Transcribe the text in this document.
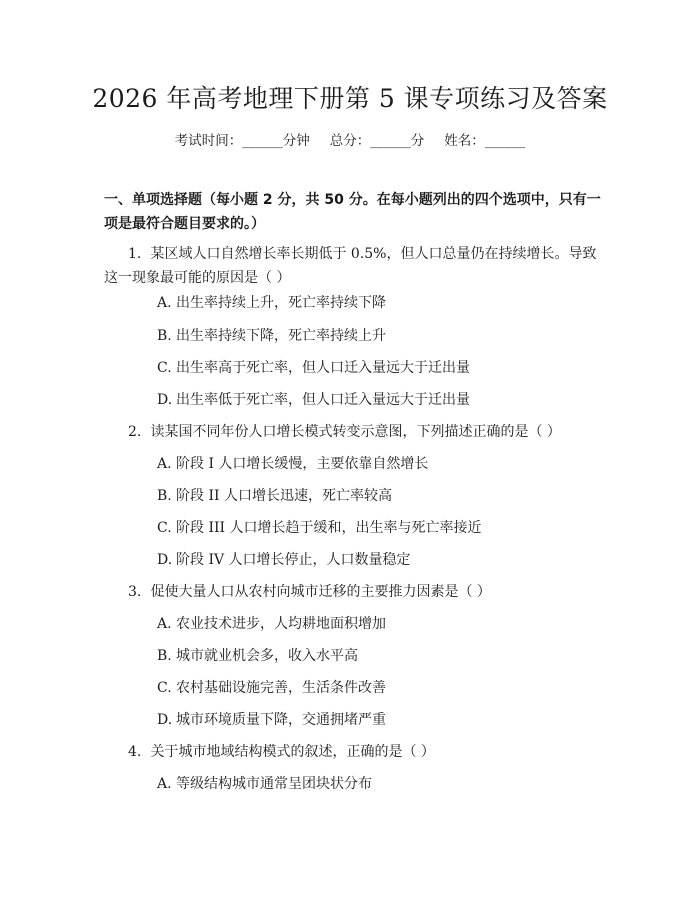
2026 年高考地理下册第 5 课专项练习及答案
考试时间：______分钟 总分：______分 姓名：______
一、单项选择题（每小题 2 分，共 50 分。在每小题列出的四个选项中，只有一项是最符合题目要求的。）
1. 某区域人口自然增长率长期低于 0.5%，但人口总量仍在持续增长。导致这一现象最可能的原因是（ ）
A. 出生率持续上升，死亡率持续下降
B. 出生率持续下降，死亡率持续上升
C. 出生率高于死亡率，但人口迁入量远大于迁出量
D. 出生率低于死亡率，但人口迁入量远大于迁出量
2. 读某国不同年份人口增长模式转变示意图，下列描述正确的是（ ）
A. 阶段 I 人口增长缓慢，主要依靠自然增长
B. 阶段 II 人口增长迅速，死亡率较高
C. 阶段 III 人口增长趋于缓和，出生率与死亡率接近
D. 阶段 IV 人口增长停止，人口数量稳定
3. 促使大量人口从农村向城市迁移的主要推力因素是（ ）
A. 农业技术进步，人均耕地面积增加
B. 城市就业机会多，收入水平高
C. 农村基础设施完善，生活条件改善
D. 城市环境质量下降，交通拥堵严重
4. 关于城市地域结构模式的叙述，正确的是（ ）
A. 等级结构城市通常呈团块状分布
